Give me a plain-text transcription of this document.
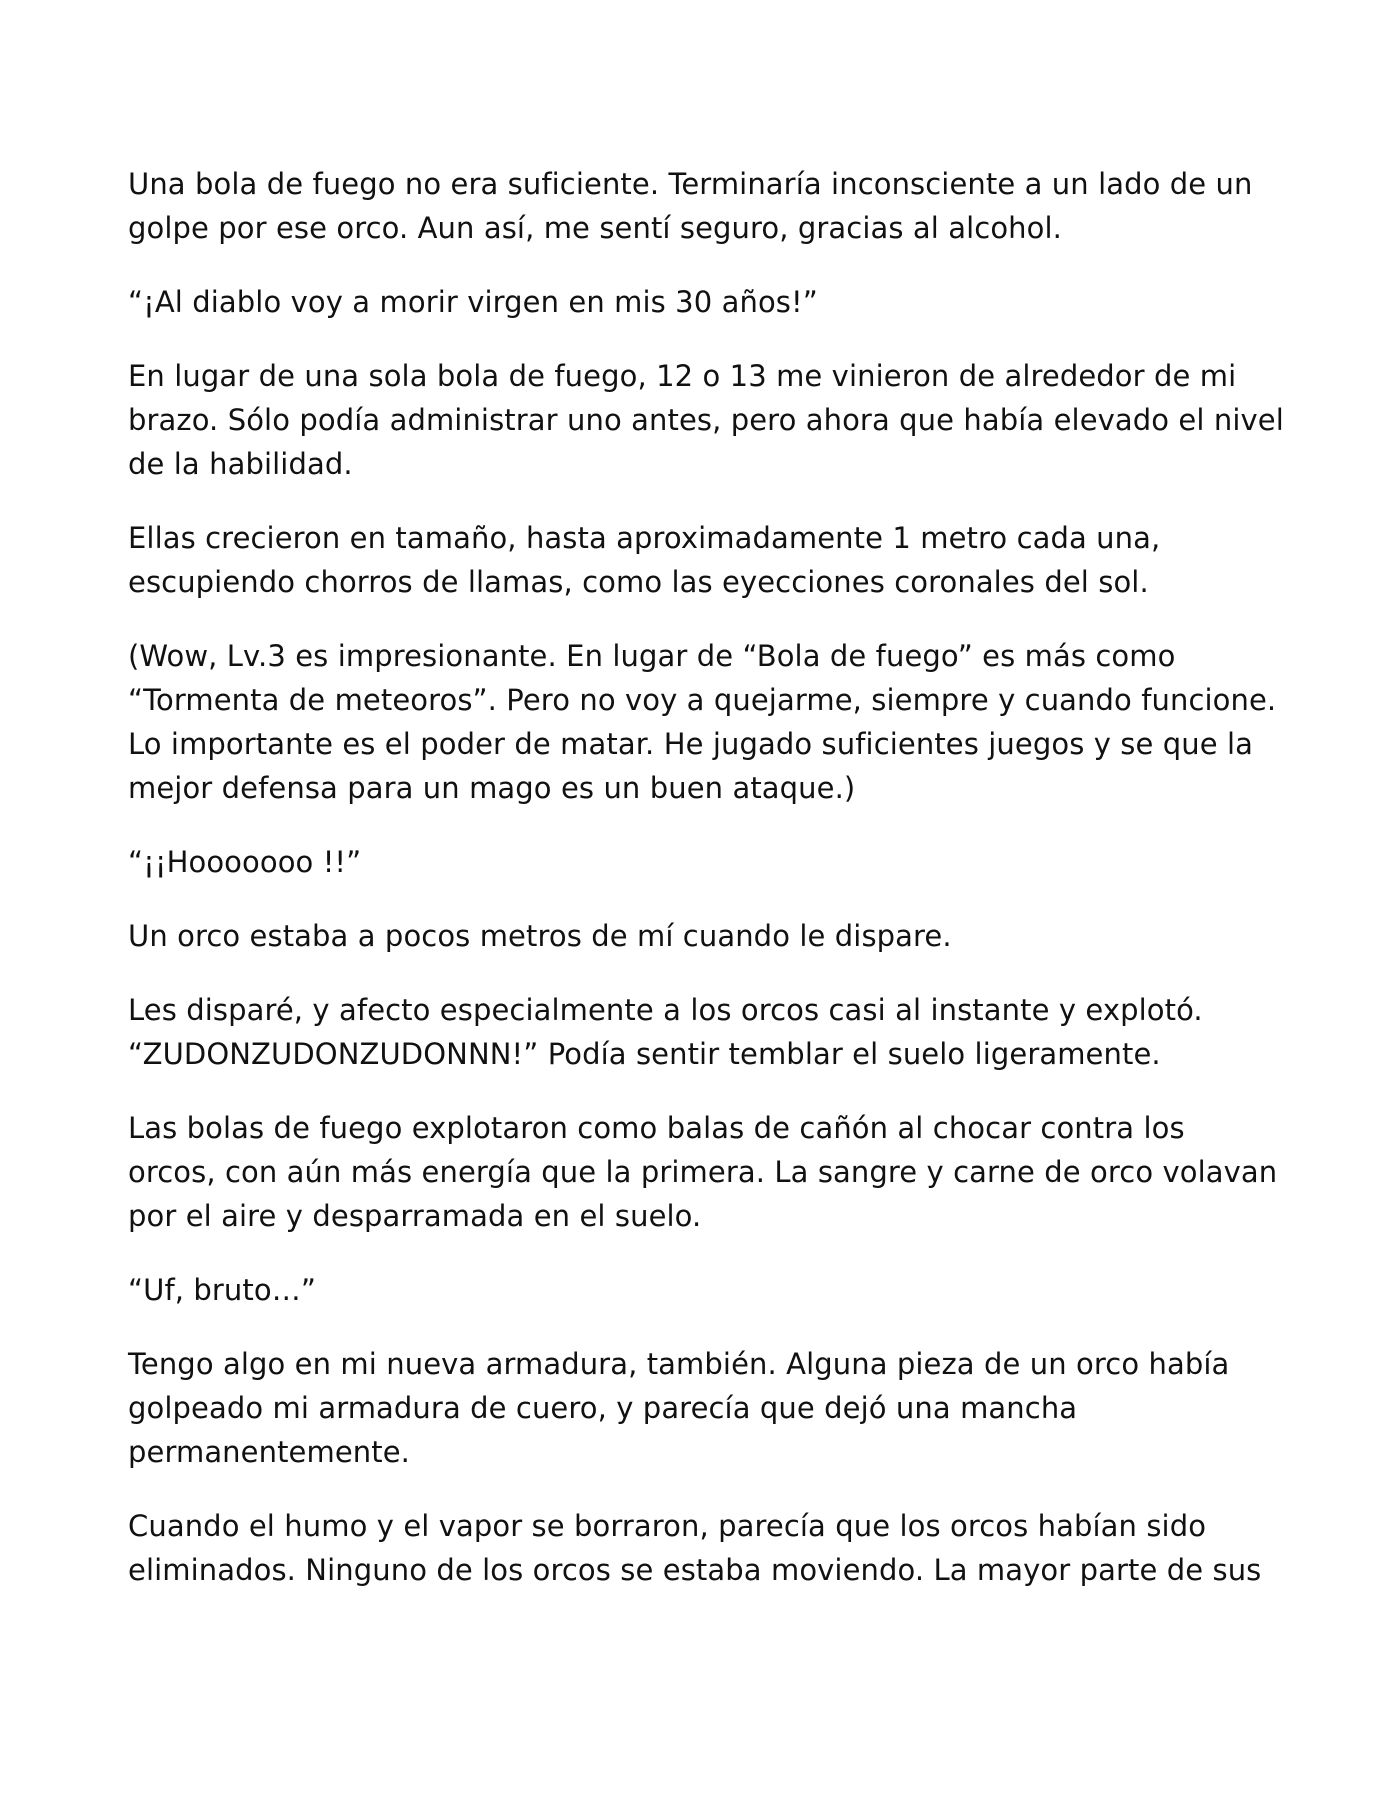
Una bola de fuego no era suficiente. Terminaría inconsciente a un lado de un
golpe por ese orco. Aun así, me sentí seguro, gracias al alcohol.

“¡Al diablo voy a morir virgen en mis 30 años!”

En lugar de una sola bola de fuego, 12 o 13 me vinieron de alrededor de mi
brazo. Sólo podía administrar uno antes, pero ahora que había elevado el nivel
de la habilidad.

Ellas crecieron en tamaño, hasta aproximadamente 1 metro cada una,
escupiendo chorros de llamas, como las eyecciones coronales del sol.

(Wow, Lv.3 es impresionante. En lugar de “Bola de fuego” es más como
“Tormenta de meteoros”. Pero no voy a quejarme, siempre y cuando funcione.
Lo importante es el poder de matar. He jugado suficientes juegos y se que la
mejor defensa para un mago es un buen ataque.)

“¡¡Hooooooo !!”

Un orco estaba a pocos metros de mí cuando le dispare.

Les disparé, y afecto especialmente a los orcos casi al instante y explotó.
“ZUDONZUDONZUDONNN!” Podía sentir temblar el suelo ligeramente.

Las bolas de fuego explotaron como balas de cañón al chocar contra los
orcos, con aún más energía que la primera. La sangre y carne de orco volavan
por el aire y desparramada en el suelo.

“Uf, bruto…”

Tengo algo en mi nueva armadura, también. Alguna pieza de un orco había
golpeado mi armadura de cuero, y parecía que dejó una mancha
permanentemente.

Cuando el humo y el vapor se borraron, parecía que los orcos habían sido
eliminados. Ninguno de los orcos se estaba moviendo. La mayor parte de sus
